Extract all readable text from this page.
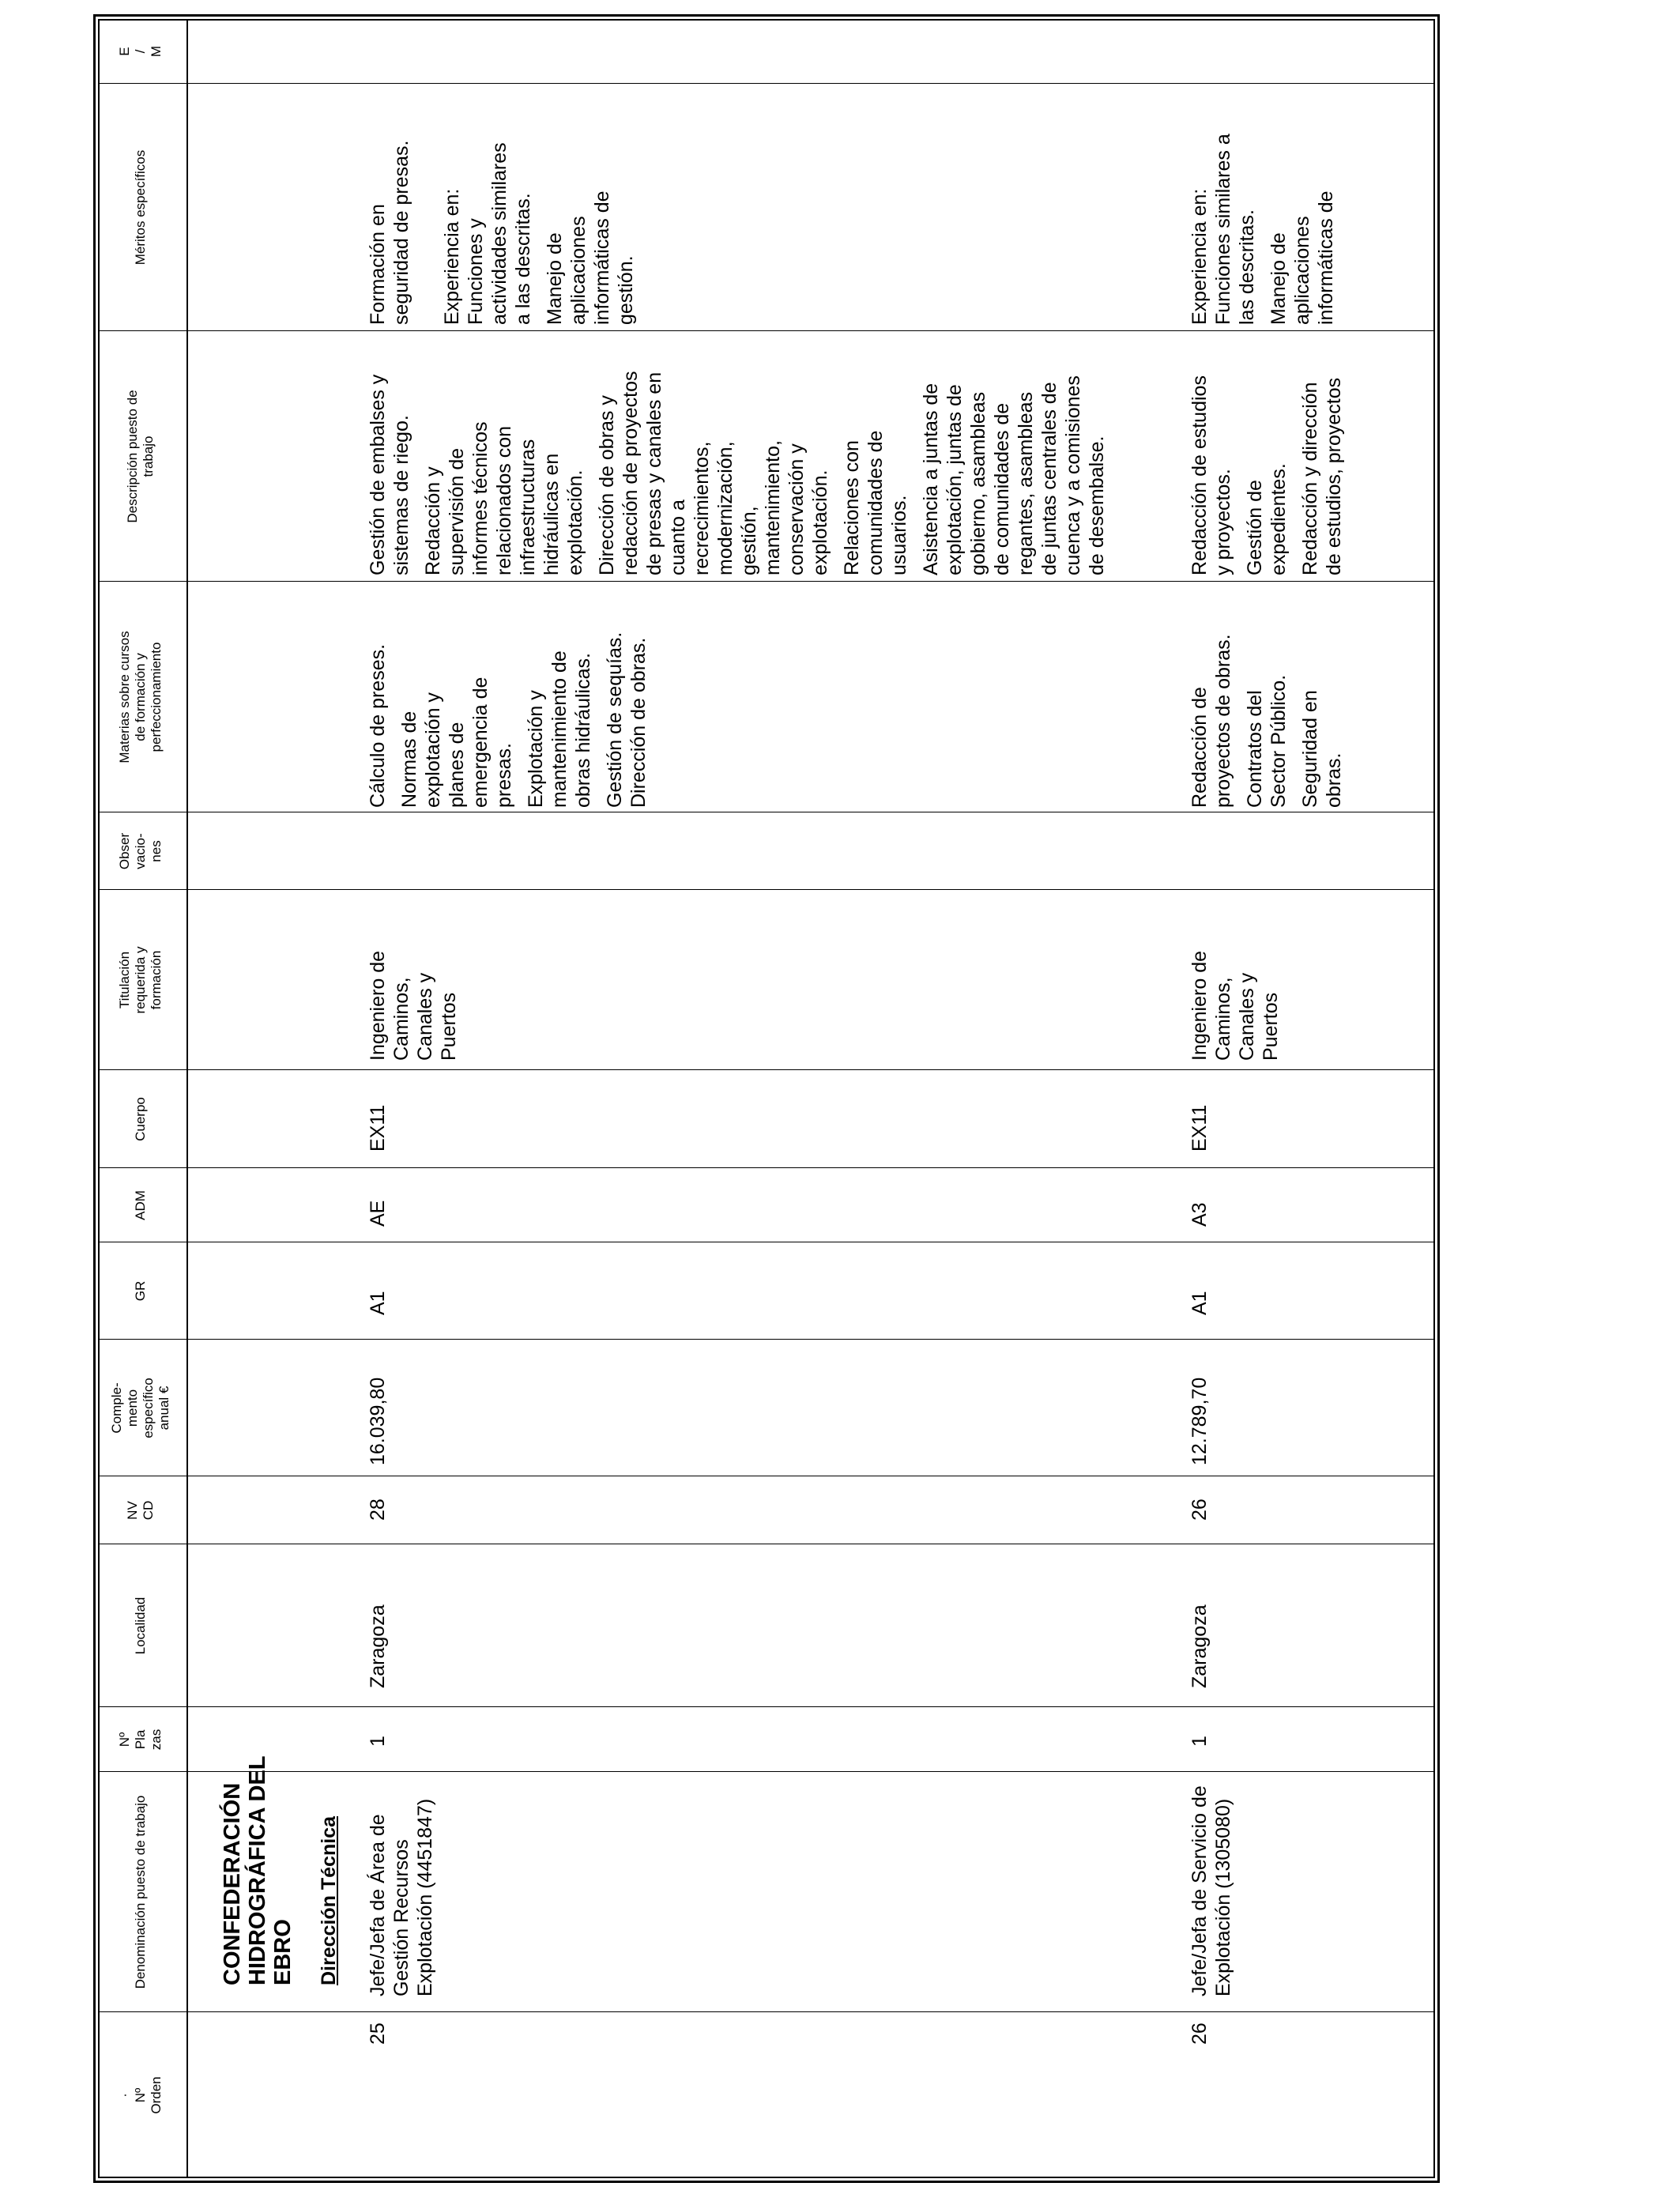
· Nº Orden
Denominación puesto de trabajo
Nº Pla zas
Localidad
NV CD
Comple- mento específico anual €
GR
ADM
Cuerpo
Titulación requerida y formación
Obser vacio- nes
Materias sobre cursos de formación y perfeccionamiento
Descripción puesto de trabajo
Méritos específicos
E / M

CONFEDERACIÓN HIDROGRÁFICA DEL EBRO Dirección Técnica
25

Jefe/Jefa de Área de Gestión Recursos Explotación (4451847)

1
Zaragoza
28
16.039,80
A1
AE
EX11

Ingeniero de Caminos, Canales y Puertos

Cálculo de preses. Normas de explotación y planes de emergencia de presas. Explotación y mantenimiento de obras hidráulicas. Gestión de sequías. Dirección de obras.

Gestión de embalses y sistemas de riego. Redacción y supervisión de informes técnicos relacionados con infraestructuras hidráulicas en explotación. Dirección de obras y redacción de proyectos de presas y canales en cuanto a recrecimientos, modernización, gestión, mantenimiento, conservación y explotación. Relaciones con comunidades de usuarios. Asistencia a juntas de explotación, juntas de gobierno, asambleas de comunidades de regantes, asambleas de juntas centrales de cuenca y a comisiones de desembalse.

Formación en seguridad de presas. Experiencia en: Funciones y actividades similares a las descritas. Manejo de aplicaciones informáticas de gestión.

26

Jefe/Jefa de Servicio de Explotación (1305080)

1
Zaragoza
26
12.789,70
A1
A3
EX11

Ingeniero de Caminos, Canales y Puertos

Redacción de proyectos de obras. Contratos del Sector Público. Seguridad en obras.

Redacción de estudios y proyectos. Gestión de expedientes. Redacción y dirección de estudios, proyectos

Experiencia en: Funciones similares a las descritas. Manejo de aplicaciones informáticas de
